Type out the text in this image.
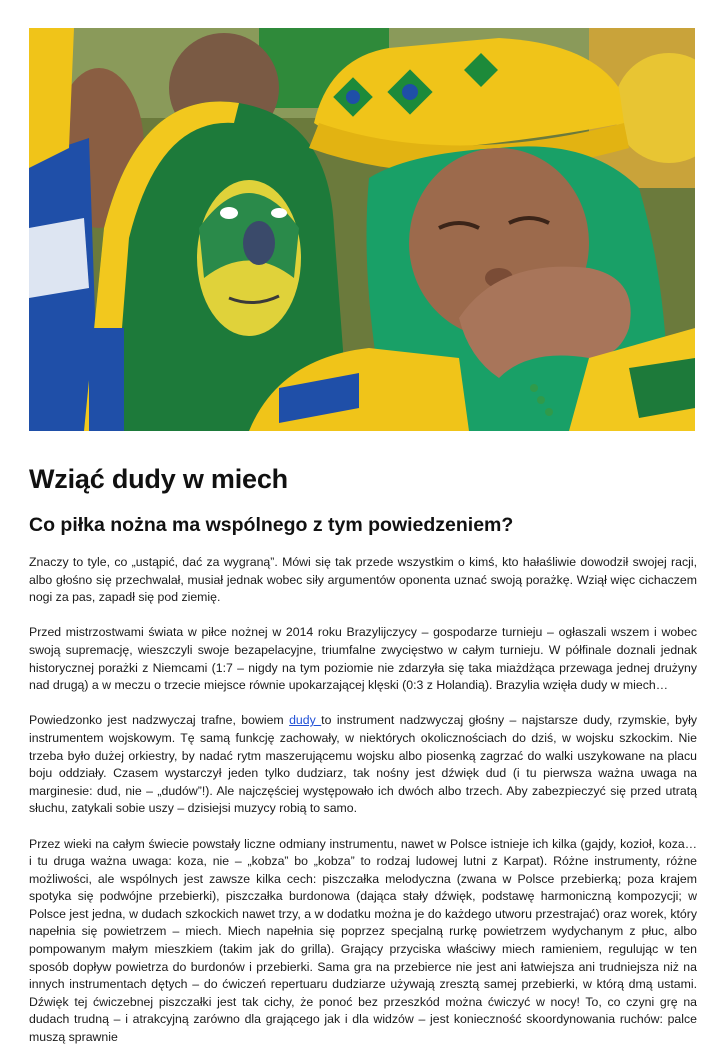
Wziąć dudy w miech
Co piłka nożna ma wspólnego z tym powiedzeniem?

Znaczy to tyle, co „ustąpić, dać za wygraną”. Mówi się tak przede wszystkim o kimś, kto hałaśliwie dowodził swojej racji, albo głośno się przechwalał, musiał jednak wobec siły argumentów oponenta uznać swoją porażkę. Wziął więc cichaczem nogi za pas, zapadł się pod ziemię.

Przed mistrzostwami świata w piłce nożnej w 2014 roku Brazylijczycy – gospodarze turnieju – ogłaszali wszem i wobec swoją supremację, wieszczyli swoje bezapelacyjne, triumfalne zwycięstwo w całym turnieju. W półfinale doznali jednak historycznej porażki z Niemcami (1:7 – nigdy na tym poziomie nie zdarzyła się taka miażdżąca przewaga jednej drużyny nad drugą) a w meczu o trzecie miejsce równie upokarzającej klęski (0:3 z Holandią). Brazylia wzięła dudy w miech…

Powiedzonko jest nadzwyczaj trafne, bowiem dudy to instrument nadzwyczaj głośny – najstarsze dudy, rzymskie, były instrumentem wojskowym. Tę samą funkcję zachowały, w niektórych okolicznościach do dziś, w wojsku szkockim. Nie trzeba było dużej orkiestry, by nadać rytm maszerującemu wojsku albo piosenką zagrzać do walki uszykowane na placu boju oddziały. Czasem wystarczył jeden tylko dudziarz, tak nośny jest dźwięk dud (i tu pierwsza ważna uwaga na marginesie: dud, nie – „dudów”!). Ale najczęściej występowało ich dwóch albo trzech. Aby zabezpieczyć się przed utratą słuchu, zatykali sobie uszy – dzisiejsi muzycy robią to samo.

Przez wieki na całym świecie powstały liczne odmiany instrumentu, nawet w Polsce istnieje ich kilka (gajdy, kozioł, koza… i tu druga ważna uwaga: koza, nie – „kobza” bo „kobza” to rodzaj ludowej lutni z Karpat). Różne instrumenty, różne możliwości, ale wspólnych jest zawsze kilka cech: piszczałka melodyczna (zwana w Polsce przebierką; poza krajem spotyka się podwójne przebierki), piszczałka burdonowa (dająca stały dźwięk, podstawę harmoniczną kompozycji; w Polsce jest jedna, w dudach szkockich nawet trzy, a w dodatku można je do każdego utworu przestrajać) oraz worek, który napełnia się powietrzem – miech. Miech napełnia się poprzez specjalną rurkę powietrzem wydychanym z płuc, albo pompowanym małym mieszkiem (takim jak do grilla). Grający przyciska właściwy miech ramieniem, regulując w ten sposób dopływ powietrza do burdonów i przebierki. Sama gra na przebierce nie jest ani łatwiejsza ani trudniejsza niż na innych instrumentach dętych – do ćwiczeń repertuaru dudziarze używają zresztą samej przebierki, w którą dmą ustami. Dźwięk tej ćwiczebnej piszczałki jest tak cichy, że ponoć bez przeszkód można ćwiczyć w nocy! To, co czyni grę na dudach trudną – i atrakcyjną zarówno dla grającego jak i dla widzów – jest konieczność skoordynowania ruchów: palce muszą sprawnie
